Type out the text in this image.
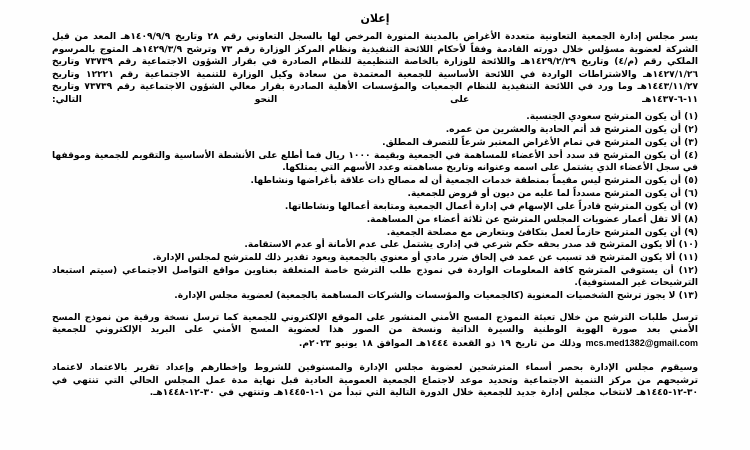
إعلان

يسر مجلس إدارة الجمعية التعاونية متعددة الأغراض بالمدينة المنورة المرخص لها بالسجل التعاوني رقم ٢٨ وتاريخ ١٤٠٩/٩/٩هـ المعد من قبل الشركة لعضوية مسؤلس خلال دورته القادمة وفقاً لأحكام اللائحة التنفيذية ونظام المركز الوزارة رقم ٧٣ وترشح ١٤٢٩/٣/٩هـ المتوج بالمرسوم الملكي رقم (م/٤) وتاريخ ١٤٢٩/٢/٢٩هـ واللائحة للوزارة بالخاصة التنظيمية للنظام الصادرة في بقرار الشؤون الاجتماعية رقم ٧٣٧٣٩ وتاريخ ١٤٢٧/١/٢٦هـ والاشتراطات الواردة في اللائحة الأساسية للجمعية المعتمدة من سعادة وكيل الوزارة للتنمية الاجتماعية رقم ١٢٢٢١ وتاريخ ١٤٤٣/١١/٢٧هـ وما ورد في اللائحة التنفيذية للنظام الجمعيات والمؤسسات الأهلية الصادرة بقرار معالي الشؤون الاجتماعية رقم ٧٣٧٣٩ وتاريخ ١١-٦-١٤٣٧هـ على النحو التالي:

(١) أن يكون المترشح سعودي الجنسية.
(٢) أن يكون المترشح قد أتم الحادية والعشرين من عمره.
(٣) أن يكون المترشح في تمام الأغراض المعتبر شرعاً للتصرف المطلق.
(٤) أن يكون المترشح قد سدد أحد الأعضاء للمساهمة في الجمعية وبقيمة ١٠٠٠ ريال فما أطلع على الأنشطة الأساسية والتقويم للجمعية وموقفها في سجل الأعضاء الذي يشتمل على اسمه وعنوانه وتاريخ مساهمته وعدد الأسهم التي يمتلكها.
(٥) أن يكون المترشح ليس مقيماً بمنطقة خدمات الجمعية أن له مصالح ذات علاقة بأغراضها ونشاطها.
(٦) أن يكون المترشح مسدداً لما عليه من ديون أو قروض للجمعية.
(٧) أن يكون المترشح قادراً على الإسهام في إدارة أعمال الجمعية ومتابعة أعمالها ونشاطاتها.
(٨) ألا تقل أعمار عضويات المجلس المترشح عن ثلاثة أعضاء من المساهمة.
(٩) أن يكون المترشح حازماً لعمل بتكافئ وبتعارض مع مصلحة الجمعية.
(١٠) ألا يكون المترشح قد صدر بحقه حكم شرعي في إدارى يشتمل على عدم الأمانة أو عدم الاستقامة.
(١١) ألا يكون المترشح قد تسبب عن عمد في إلحاق ضرر مادي أو معنوي بالجمعية ويعود تقدير ذلك للمترشح لمجلس الإدارة.
(١٢) أن يستوفي المترشح كافة المعلومات الواردة في نموذج طلب الترشح خاصة المتعلقة بعناوين مواقع التواصل الاجتماعي (سيتم استبعاد الترشيحات غير المستوفية).
(١٣) لا يجوز ترشح الشخصيات المعنوية (كالجمعيات والمؤسسات والشركات المساهمة بالجمعية) لعضوية مجلس الإدارة.

ترسل طلبات الترشح من خلال تعبئة النموذج المسح الأمني المنشور على الموقع الإلكتروني للجمعية كما ترسل نسخة ورقية من نموذج المسح الأمني بعد صورة الهوية الوطنية والسيرة الذاتية ونسخة من الصور هذا لعضوية المسح الأمني على البريد الإلكتروني للجمعية mcs.med1382@gmail.com وذلك من تاريخ ١٩ ذو القعدة ١٤٤٤هـ الموافق ١٨ يونيو ٢٠٢٣م.

وسيقوم مجلس الإدارة بحصر أسماء المترشحين لعضوية مجلس الإدارة والمسنوفين للشروط وإخطارهم وإعداد تقرير بالاعتماد لاعتماد ترشيحهم من مركز التنمية الاجتماعية وتحديد موعد لاجتماع الجمعية العمومية العادية قبل نهاية مدة عمل المجلس الحالي التي تنتهي في ٣٠-١٢-١٤٤٥هـ لانتخاب مجلس إدارة جديد للجمعية خلال الدورة التالية التي تبدأ من ١-١-١٤٤٥هـ وتنتهي في ٣٠-١٢-١٤٤٨هـ.
